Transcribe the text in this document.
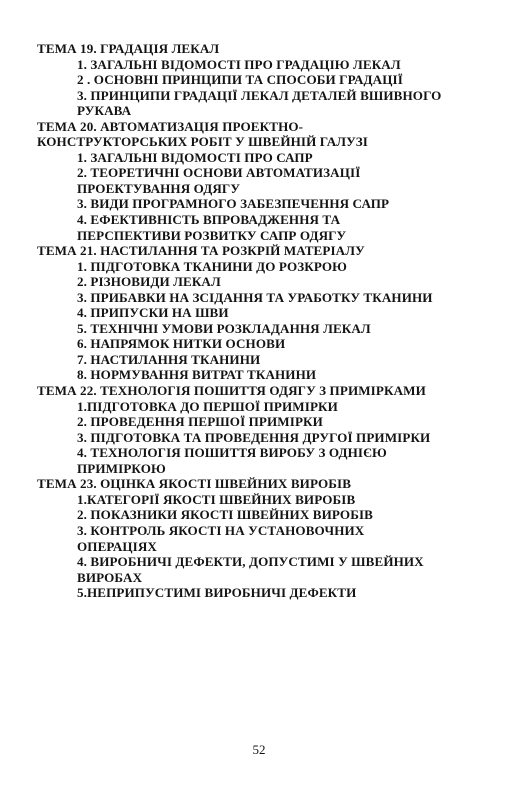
ТЕМА 19. ГРАДАЦІЯ ЛЕКАЛ
1. ЗАГАЛЬНІ ВІДОМОСТІ ПРО ГРАДАЦІЮ ЛЕКАЛ
2 . ОСНОВНІ ПРИНЦИПИ ТА СПОСОБИ ГРАДАЦІЇ
3. ПРИНЦИПИ ГРАДАЦІЇ ЛЕКАЛ ДЕТАЛЕЙ ВШИВНОГО
РУКАВА
ТЕМА 20. АВТОМАТИЗАЦІЯ ПРОЕКТНО-
КОНСТРУКТОРСЬКИХ РОБІТ У ШВЕЙНІЙ ГАЛУЗІ
1. ЗАГАЛЬНІ ВІДОМОСТІ ПРО САПР
2. ТЕОРЕТИЧНІ ОСНОВИ АВТОМАТИЗАЦІЇ
ПРОЕКТУВАННЯ ОДЯГУ
3. ВИДИ ПРОГРАМНОГО ЗАБЕЗПЕЧЕННЯ САПР
4. ЕФЕКТИВНІСТЬ ВПРОВАДЖЕННЯ ТА
ПЕРСПЕКТИВИ РОЗВИТКУ САПР ОДЯГУ
ТЕМА 21. НАСТИЛАННЯ ТА РОЗКРІЙ МАТЕРІАЛУ
1. ПІДГОТОВКА ТКАНИНИ ДО РОЗКРОЮ
2. РІЗНОВИДИ ЛЕКАЛ
3. ПРИБАВКИ НА ЗСІДАННЯ ТА УРАБОТКУ ТКАНИНИ
4. ПРИПУСКИ НА ШВИ
5. ТЕХНІЧНІ УМОВИ РОЗКЛАДАННЯ ЛЕКАЛ
6. НАПРЯМОК НИТКИ ОСНОВИ
7. НАСТИЛАННЯ ТКАНИНИ
8. НОРМУВАННЯ ВИТРАТ ТКАНИНИ
ТЕМА 22. ТЕХНОЛОГІЯ ПОШИТТЯ ОДЯГУ З ПРИМІРКАМИ
1.ПІДГОТОВКА ДО ПЕРШОЇ ПРИМІРКИ
2. ПРОВЕДЕННЯ ПЕРШОЇ ПРИМІРКИ
3. ПІДГОТОВКА ТА ПРОВЕДЕННЯ ДРУГОЇ ПРИМІРКИ
4. ТЕХНОЛОГІЯ ПОШИТТЯ ВИРОБУ З ОДНІЄЮ
ПРИМІРКОЮ
ТЕМА 23. ОЦІНКА ЯКОСТІ ШВЕЙНИХ ВИРОБІВ
1.КАТЕГОРІЇ ЯКОСТІ ШВЕЙНИХ ВИРОБІВ
2. ПОКАЗНИКИ ЯКОСТІ ШВЕЙНИХ ВИРОБІВ
3. КОНТРОЛЬ ЯКОСТІ НА УСТАНОВОЧНИХ
ОПЕРАЦІЯХ
4. ВИРОБНИЧІ ДЕФЕКТИ, ДОПУСТИМІ У ШВЕЙНИХ
ВИРОБАХ
5.НЕПРИПУСТИМІ ВИРОБНИЧІ ДЕФЕКТИ
52
